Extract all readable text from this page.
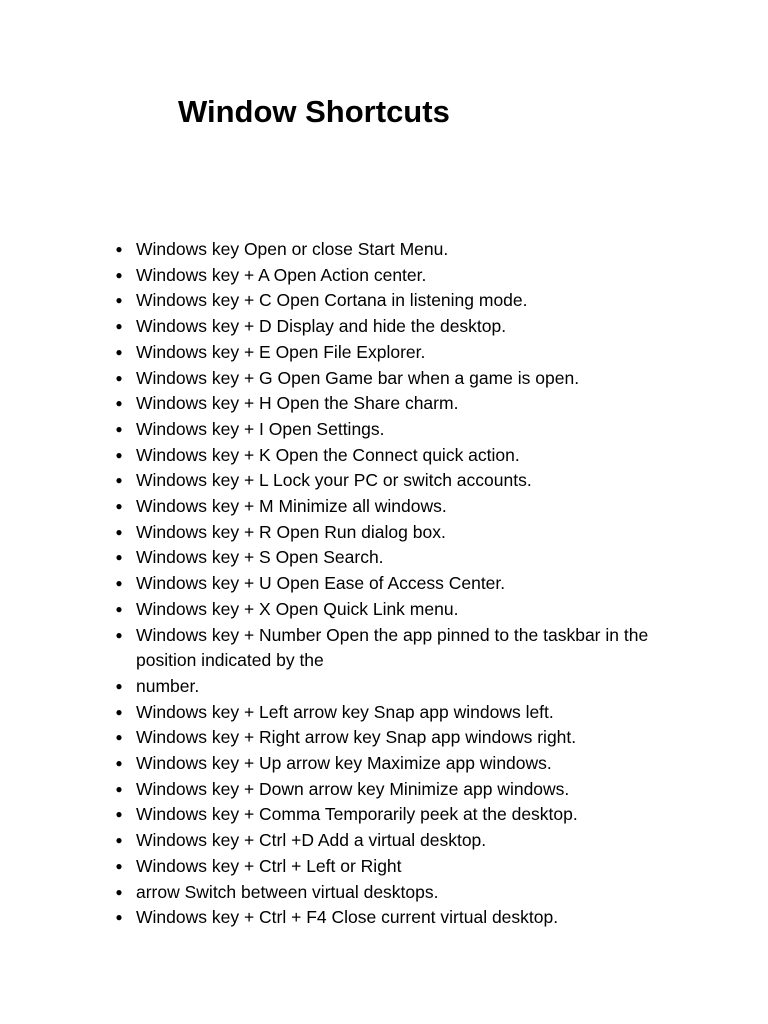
Window Shortcuts
● Windows key Open or close Start Menu.
● Windows key + A Open Action center.
● Windows key + C Open Cortana in listening mode.
● Windows key + D Display and hide the desktop.
● Windows key + E Open File Explorer.
● Windows key + G Open Game bar when a game is open.
● Windows key + H Open the Share charm.
● Windows key + I Open Settings.
● Windows key + K Open the Connect quick action.
● Windows key + L Lock your PC or switch accounts.
● Windows key + M Minimize all windows.
● Windows key + R Open Run dialog box.
● Windows key + S Open Search.
● Windows key + U Open Ease of Access Center.
● Windows key + X Open Quick Link menu.
● Windows key + Number Open the app pinned to the taskbar in the position indicated by the
● number.
● Windows key + Left arrow key Snap app windows left.
● Windows key + Right arrow key Snap app windows right.
● Windows key + Up arrow key Maximize app windows.
● Windows key + Down arrow key Minimize app windows.
● Windows key + Comma Temporarily peek at the desktop.
● Windows key + Ctrl +D Add a virtual desktop.
● Windows key + Ctrl + Left or Right
● arrow Switch between virtual desktops.
● Windows key + Ctrl + F4 Close current virtual desktop.
